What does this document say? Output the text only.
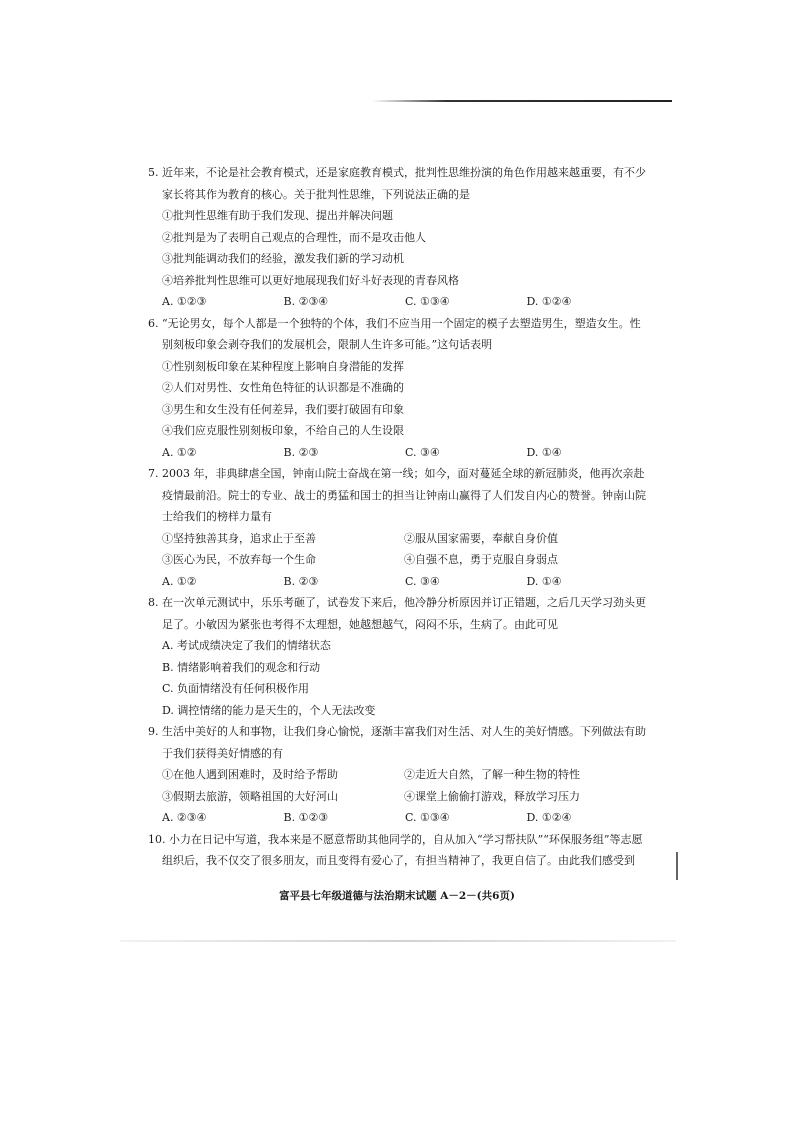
5. 近年来，不论是社会教育模式，还是家庭教育模式，批判性思维扮演的角色作用越来越重要，有不少家长将其作为教育的核心。关于批判性思维，下列说法正确的是
①批判性思维有助于我们发现、提出并解决问题
②批判是为了表明自己观点的合理性，而不是攻击他人
③批判能调动我们的经验，激发我们新的学习动机
④培养批判性思维可以更好地展现我们好斗好表现的青春风格
A. ①②③	B. ②③④	C. ①③④	D. ①②④
6. “无论男女，每个人都是一个独特的个体，我们不应当用一个固定的模子去塑造男生，塑造女生。性别刻板印象会剥夺我们的发展机会，限制人生许多可能。”这句话表明
①性别刻板印象在某种程度上影响自身潜能的发挥
②人们对男性、女性角色特征的认识都是不准确的
③男生和女生没有任何差异，我们要打破固有印象
④我们应克服性别刻板印象，不给自己的人生设限
A. ①②	B. ②③	C. ③④	D. ①④
7. 2003 年，非典肆虐全国，钟南山院士奋战在第一线；如今，面对蔓延全球的新冠肺炎，他再次亲赴疫情最前沿。院士的专业、战士的勇猛和国士的担当让钟南山赢得了人们发自内心的赞誉。钟南山院士给我们的榜样力量有
①坚持独善其身，追求止于至善	②服从国家需要，奉献自身价值
③医心为民，不放弃每一个生命	④自强不息，勇于克服自身弱点
A. ①②	B. ②③	C. ③④	D. ①④
8. 在一次单元测试中，乐乐考砸了，试卷发下来后，他冷静分析原因并订正错题，之后几天学习劲头更足了。小敏因为紧张也考得不太理想，她越想越气，闷闷不乐，生病了。由此可见
A. 考试成绩决定了我们的情绪状态
B. 情绪影响着我们的观念和行动
C. 负面情绪没有任何积极作用
D. 调控情绪的能力是天生的，个人无法改变
9. 生活中美好的人和事物，让我们身心愉悦，逐渐丰富我们对生活、对人生的美好情感。下列做法有助于我们获得美好情感的有
①在他人遇到困难时，及时给予帮助	②走近大自然，了解一种生物的特性
③假期去旅游，领略祖国的大好河山	④课堂上偷偷打游戏，释放学习压力
A. ②③④	B. ①②③	C. ①③④	D. ①②④
10. 小力在日记中写道，我本来是不愿意帮助其他同学的，自从加入“学习帮扶队”“环保服务组”等志愿组织后，我不仅交了很多朋友，而且变得有爱心了，有担当精神了，我更自信了。由此我们感受到
富平县七年级道德与法治期末试题 A－2－(共6页)
